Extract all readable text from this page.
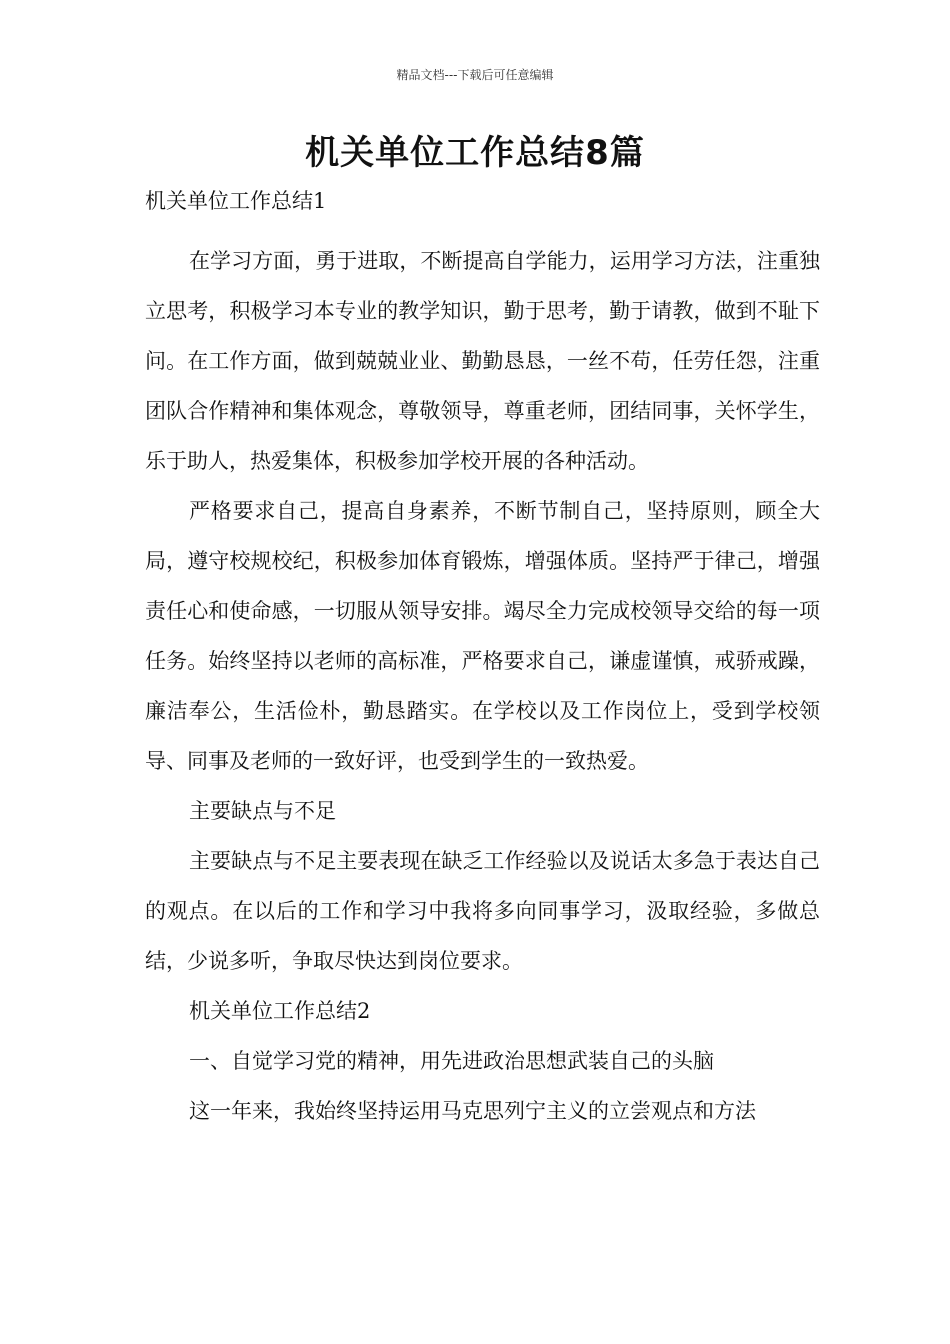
精品文档---下载后可任意编辑
机关单位工作总结8篇

机关单位工作总结1

在学习方面，勇于进取，不断提高自学能力，运用学习方法，注重独立思考，积极学习本专业的教学知识，勤于思考，勤于请教，做到不耻下问。在工作方面，做到兢兢业业、勤勤恳恳，一丝不苟，任劳任怨，注重团队合作精神和集体观念，尊敬领导，尊重老师，团结同事，关怀学生，乐于助人，热爱集体，积极参加学校开展的各种活动。

严格要求自己，提高自身素养，不断节制自己，坚持原则，顾全大局，遵守校规校纪，积极参加体育锻炼，增强体质。坚持严于律己，增强责任心和使命感，一切服从领导安排。竭尽全力完成校领导交给的每一项任务。始终坚持以老师的高标准，严格要求自己，谦虚谨慎，戒骄戒躁，廉洁奉公，生活俭朴，勤恳踏实。在学校以及工作岗位上，受到学校领导、同事及老师的一致好评，也受到学生的一致热爱。

主要缺点与不足

主要缺点与不足主要表现在缺乏工作经验以及说话太多急于表达自己的观点。在以后的工作和学习中我将多向同事学习，汲取经验，多做总结，少说多听，争取尽快达到岗位要求。

机关单位工作总结2

一、自觉学习党的精神，用先进政治思想武装自己的头脑

这一年来，我始终坚持运用马克思列宁主义的立尝观点和方法
